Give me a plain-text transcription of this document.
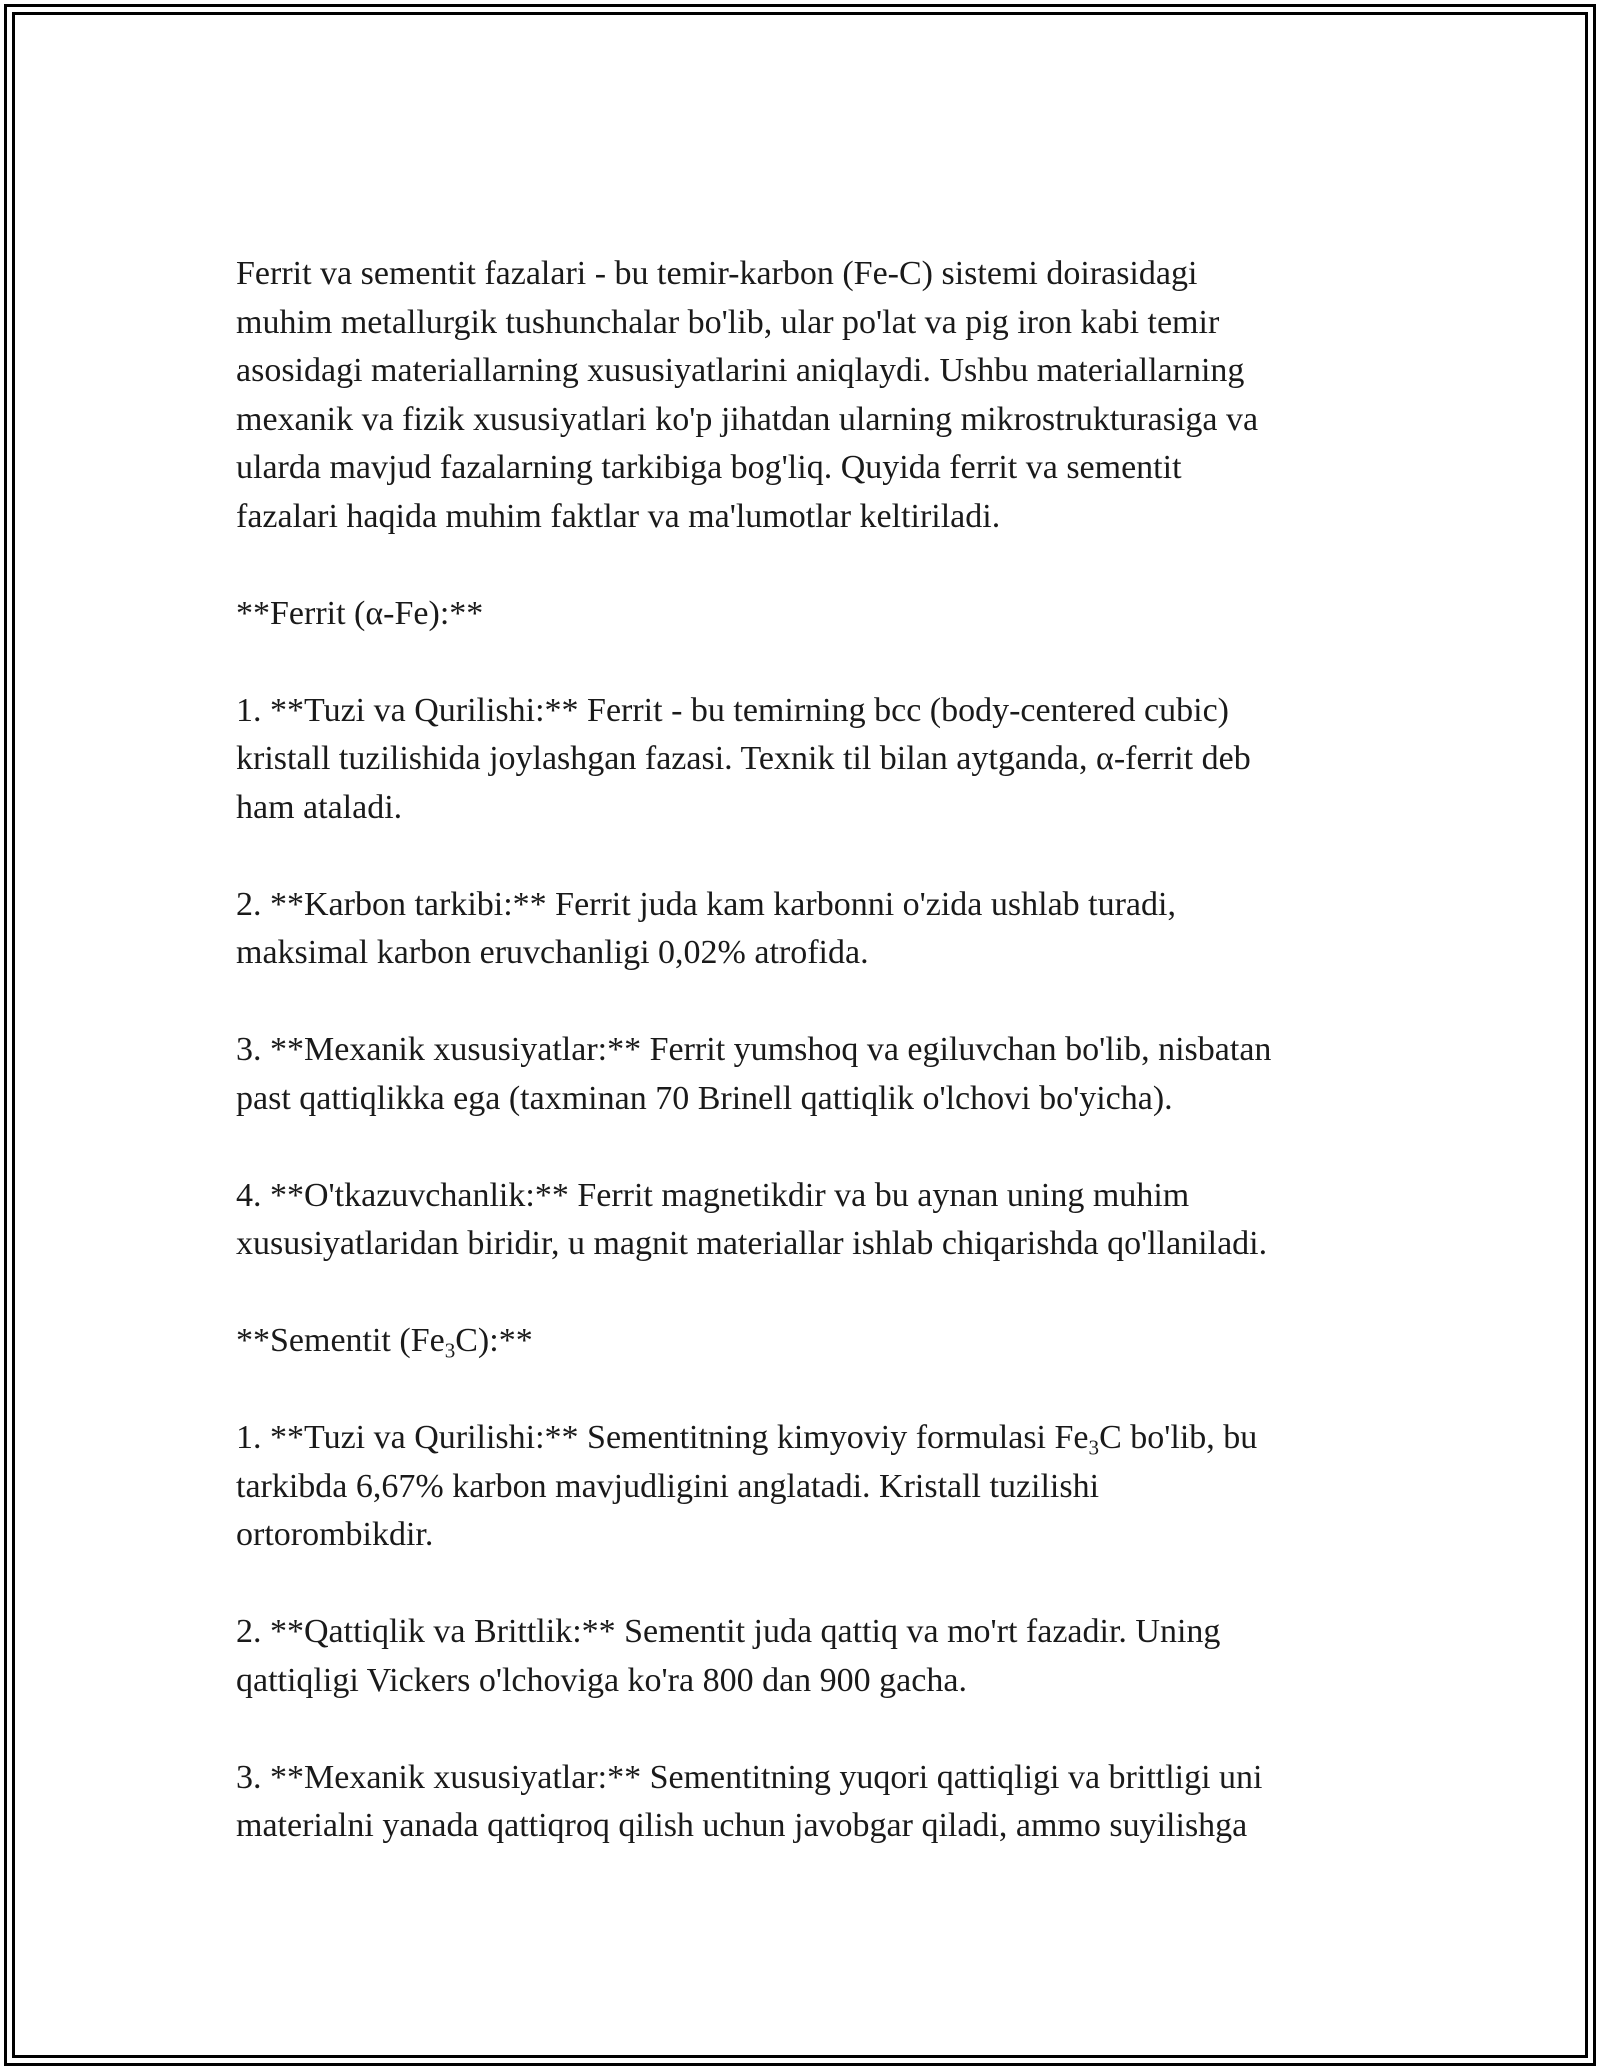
Ferrit va sementit fazalari - bu temir-karbon (Fe-C) sistemi doirasidagi
muhim metallurgik tushunchalar bo'lib, ular po'lat va pig iron kabi temir
asosidagi materiallarning xususiyatlarini aniqlaydi. Ushbu materiallarning
mexanik va fizik xususiyatlari ko'p jihatdan ularning mikrostrukturasiga va
ularda mavjud fazalarning tarkibiga bog'liq. Quyida ferrit va sementit
fazalari haqida muhim faktlar va ma'lumotlar keltiriladi.

**Ferrit (α-Fe):**

1. **Tuzi va Qurilishi:** Ferrit - bu temirning bcc (body-centered cubic)
kristall tuzilishida joylashgan fazasi. Texnik til bilan aytganda, α-ferrit deb
ham ataladi.

2. **Karbon tarkibi:** Ferrit juda kam karbonni o'zida ushlab turadi,
maksimal karbon eruvchanligi 0,02% atrofida.

3. **Mexanik xususiyatlar:** Ferrit yumshoq va egiluvchan bo'lib, nisbatan
past qattiqlikka ega (taxminan 70 Brinell qattiqlik o'lchovi bo'yicha).

4. **O'tkazuvchanlik:** Ferrit magnetikdir va bu aynan uning muhim
xususiyatlaridan biridir, u magnit materiallar ishlab chiqarishda qo'llaniladi.

**Sementit $(Fe_3C):**$

1. **Tuzi va Qurilishi:** Sementitning kimyoviy formulasi $Fe_3C$ bo'lib, bu
tarkibda 6,67% karbon mavjudligini anglatadi. Kristall tuzilishi
ortorombikdir.

2. **Qattiqlik va Brittlik:** Sementit juda qattiq va mo'rt fazadir. Uning
qattiqligi Vickers o'lchoviga ko'ra 800 dan 900 gacha.

3. **Mexanik xususiyatlar:** Sementitning yuqori qattiqligi va brittligi uni
materialni yanada qattiqroq qilish uchun javobgar qiladi, ammo suyilishga
